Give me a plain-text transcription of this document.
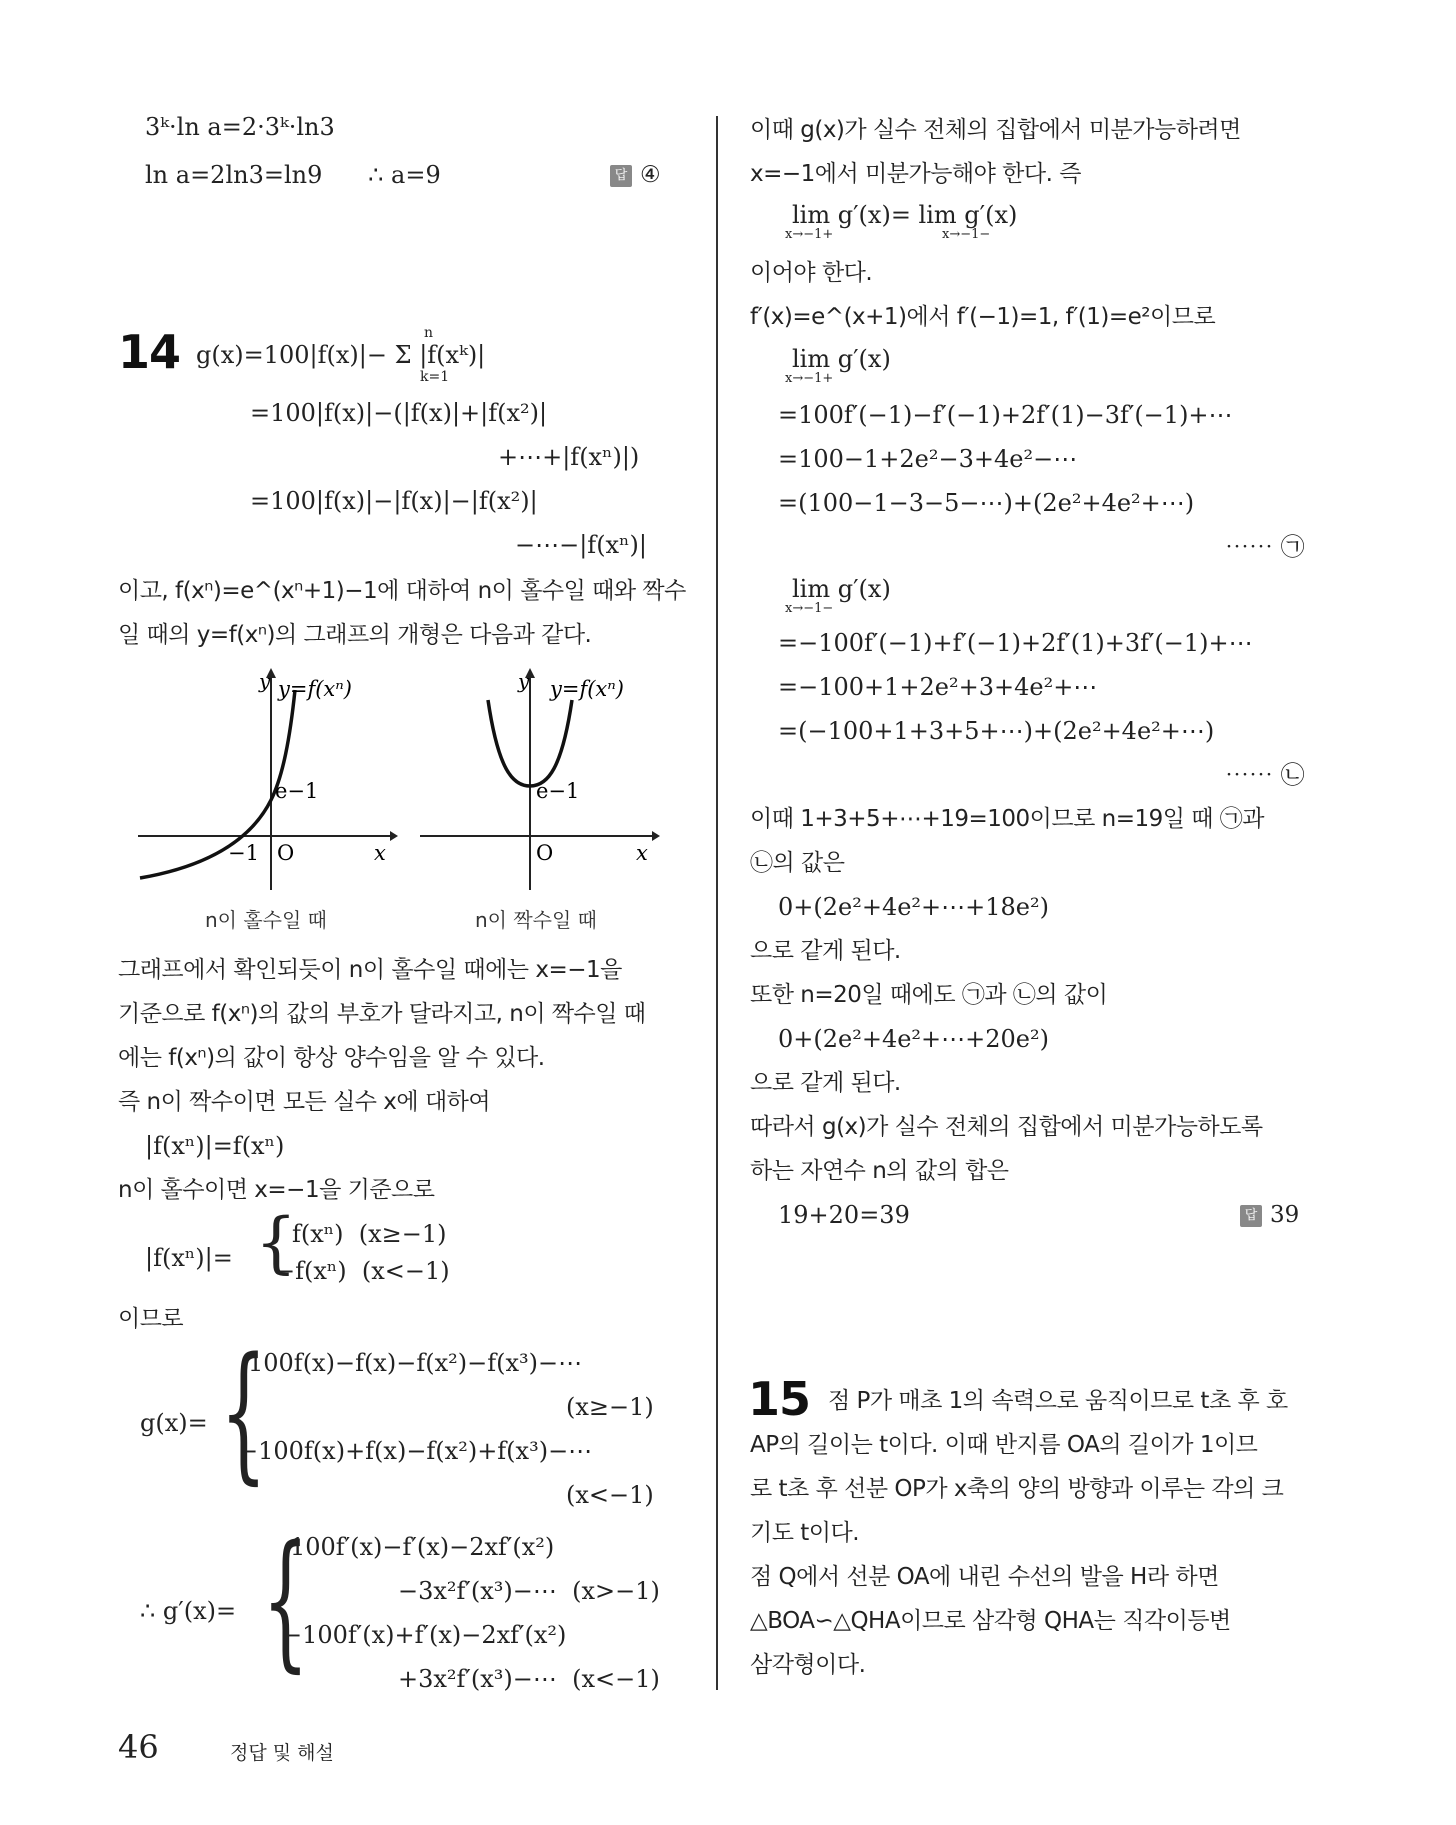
3ᵏ·ln a=2·3ᵏ·ln3
ln a=2ln3=ln9      ∴ a=9	답 ④
14 g(x)=100|f(x)|− Σ |f(xᵏ)|
n
k=1
=100|f(x)|−(|f(x)|+|f(x²)|
+⋯+|f(xⁿ)|)
=100|f(x)|−|f(x)|−|f(x²)|
−⋯−|f(xⁿ)|
이고, f(xⁿ)=e^(xⁿ+1)−1에 대하여 n이 홀수일 때와 짝수
일 때의 y=f(xⁿ)의 그래프의 개형은 다음과 같다.
y y=f(xⁿ)
e−1
−1 O	x
n이 홀수일 때
y y=f(xⁿ)
e−1
O	x
n이 짝수일 때
그래프에서 확인되듯이 n이 홀수일 때에는 x=−1을
기준으로 f(xⁿ)의 값의 부호가 달라지고, n이 짝수일 때
에는 f(xⁿ)의 값이 항상 양수임을 알 수 있다.
즉 n이 짝수이면 모든 실수 x에 대하여
|f(xⁿ)|=f(xⁿ)
n이 홀수이면 x=−1을 기준으로
|f(xⁿ)|= {
f(xⁿ)  (x≥−1)
−f(xⁿ)  (x<−1)
이므로
g(x)= {
100f(x)−f(x)−f(x²)−f(x³)−⋯
(x≥−1)
−100f(x)+f(x)−f(x²)+f(x³)−⋯
(x<−1)
∴ g′(x)= {
100f′(x)−f′(x)−2xf′(x²)
−3x²f′(x³)−⋯  (x>−1)
−100f′(x)+f′(x)−2xf′(x²)
+3x²f′(x³)−⋯  (x<−1)
이때 g(x)가 실수 전체의 집합에서 미분가능하려면
x=−1에서 미분가능해야 한다. 즉
lim g′(x)= lim g′(x)
x→−1+	x→−1−
이어야 한다.
f′(x)=e^(x+1)에서 f′(−1)=1, f′(1)=e²이므로
lim g′(x)
x→−1+
=100f′(−1)−f′(−1)+2f′(1)−3f′(−1)+⋯
=100−1+2e²−3+4e²−⋯
=(100−1−3−5−⋯)+(2e²+4e²+⋯)
⋯⋯ ㉠
lim g′(x)
x→−1−
=−100f′(−1)+f′(−1)+2f′(1)+3f′(−1)+⋯
=−100+1+2e²+3+4e²+⋯
=(−100+1+3+5+⋯)+(2e²+4e²+⋯)
⋯⋯ ㉡
이때 1+3+5+⋯+19=100이므로 n=19일 때 ㉠과
㉡의 값은
0+(2e²+4e²+⋯+18e²)
으로 같게 된다.
또한 n=20일 때에도 ㉠과 ㉡의 값이
0+(2e²+4e²+⋯+20e²)
으로 같게 된다.
따라서 g(x)가 실수 전체의 집합에서 미분가능하도록
하는 자연수 n의 값의 합은
19+20=39	답 39
15 점 P가 매초 1의 속력으로 움직이므로 t초 후 호
AP의 길이는 t이다. 이때 반지름 OA의 길이가 1이므
로 t초 후 선분 OP가 x축의 양의 방향과 이루는 각의 크
기도 t이다.
점 Q에서 선분 OA에 내린 수선의 발을 H라 하면
△BOA∽△QHA이므로 삼각형 QHA는 직각이등변
삼각형이다.
46	정답 및 해설
